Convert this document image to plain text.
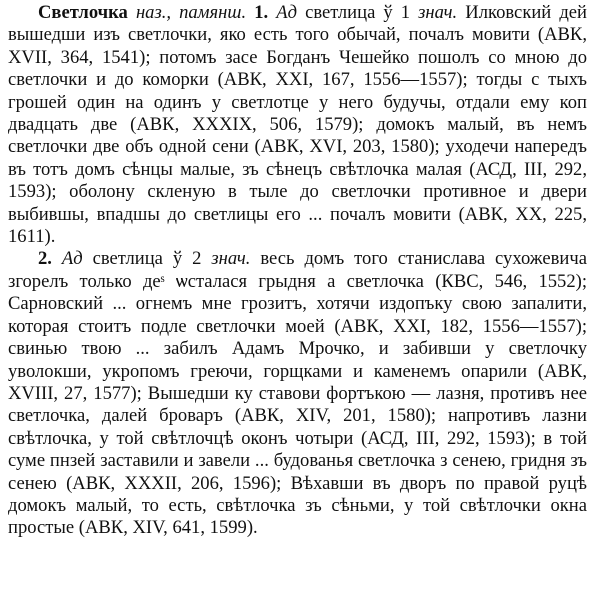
Светлочка наз., памянш. 1. Ад светлица ў 1 знач. Илковский дей вышедши изъ светлочки, яко есть того обычай, почалъ мовити (АВК, XVII, 364, 1541); потомъ засе Богданъ Чешейко пошолъ со мною до светлочки и до коморки (АВК, XXI, 167, 1556—1557); тогды с тыхъ грошей один на одинъ у светлотце у него будучы, отдали ему коп двадцать две (АВК, XXXIX, 506, 1579); домокъ малый, въ немъ светлочки две объ одной сени (АВК, XVI, 203, 1580); уходечи напередъ въ тотъ домъ сѣнцы малые, зъ сѣнецъ свѣтлочка малая (АСД, III, 292, 1593); оболону скленую в тыле до светлочки противное и двери выбившы, впадшы до светлицы его ... почалъ мовити (АВК, XX, 225, 1611).

2. Ад светлица ў 2 знач. весь домъ того станислава сухожевича згорелъ только деˢ ѡсталася грыдня а светлочка (КВС, 546, 1552); Сарновский ... огнемъ мне грозитъ, хотячи издопъку свою запалити, которая стоитъ подле светлочки моей (АВК, XXI, 182, 1556—1557); свинью твою ... забилъ Адамъ Мрочко, и забивши у светлочку уволокши, укропомъ греючи, горщками и каменемъ опарили (АВК, XVIII, 27, 1577); Вышедши ку ставови фортъкою — лазня, противъ нее светлочка, далей броваръ (АВК, XIV, 201, 1580); напротивъ лазни свѣтлочка, у той свѣтлочцѣ оконъ чотыри (АСД, III, 292, 1593); в той суме пнзей заставили и завели ... будованья светлочка з сенею, гридня зъ сенею (АВК, XXXII, 206, 1596); Вѣхавши въ дворъ по правой руцѣ домокъ малый, то есть, свѣтлочка зъ сѣньми, у той свѣтлочки окна простые (АВК, XIV, 641, 1599).
